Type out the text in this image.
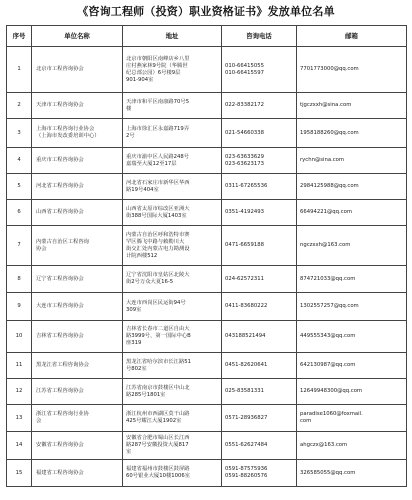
《咨询工程师（投资）职业资格证书》发放单位名单
序号	单位名称	地址	咨询电话	邮箱

1	北京市工程咨询协会	北京市朝阳区南峰店乡八里
庄村燕家林9号院（华腾世
纪总部公园）6号楼9层
901-904室	010-66415055
010-66415597	7701773000@qq.com

2	天津市工程咨询协会	天津市和平区南康路70号5
楼	022-83382172	tjgczxxh@sina.com

3	上海市工程咨询行业协会
（上海市发改委培训中心）	上海市徐汇区永嘉路719弄
2号	021-54660338	1958188260@qq.com

4	重庆市工程咨询协会	重庆市渝中区人民路248号
嘉瑞至大厦12至17层	023-63633629
023-63623173	rychn@sina.com

5	河北省工程咨询协会	河北省石家庄市新华区华西
路19号404室	0311-67265536	2984125988@qq.com

6	山西省工程咨询协会	山西省太原市综改区亚洲大
街388号国际大厦1403室	0351-4192493	66494221@qq.com

7	内蒙古自治区工程咨询
协会	内蒙古自治区呼和浩特市赛
罕区腾飞中路与敕勒川大
街交汇处内蒙古电力勘测设
计院西楼512	0471-6659188	ngczxxh@163.com

8	辽宁省工程咨询协会	辽宁省沈阳市皇姑区北陵大
街2号万众大夏16-5	024-62572311	874721033@qq.com

9	大连市工程咨询协会	大连市西岗区民运街94号
309室	0411-83680222	1302557257@qq.com

10	吉林省工程咨询协会	吉林省长春市二道区自由大
路3999号，第一国际中心B
座319	043188521494	449555343@qq.com

11	黑龙江省工程咨询协会	黑龙江省哈尔滨市长江路51
号802室	0451-82620641	642130987@qq.com

12	江苏省工程咨询协会	江苏省南京市鼓楼区中山北
路285号1801室	025-83581331	12649948300@qq.com

13	浙江省工程咨询行业协
会	浙江杭州市西湖区莫干山路
425号耀江大厦1902室	0571-28936827	paradise1060@foxmail.
com

14	安徽省工程咨询协会	安徽省合肥市蜀山区长江西
路287号安徽投资大厦817
室	0551-62627484	ahgczx@163.com

15	福建省工程咨询协会	福建省福州市鼓楼区鼓屏路
60号银业大厦10楼1006室	0591-87575936
0591-88260576	326585055@qq.com
